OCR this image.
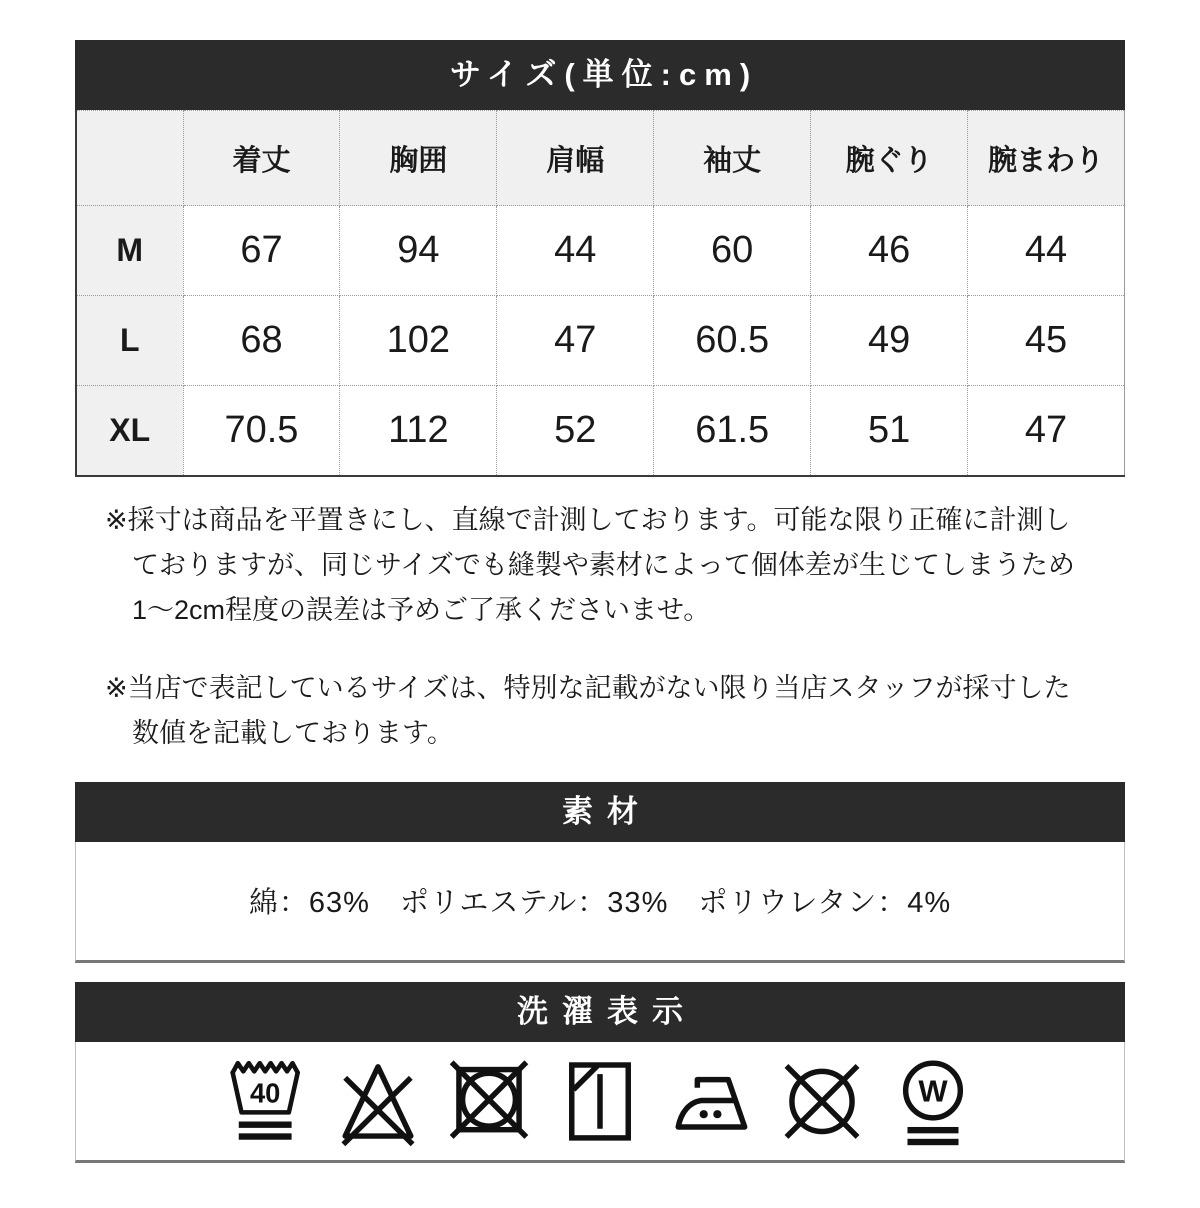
サイズ(単位:cm)
	着丈	胸囲	肩幅	袖丈	腕ぐり	腕まわり
M	67	94	44	60	46	44
L	68	102	47	60.5	49	45
XL	70.5	112	52	61.5	51	47

※採寸は商品を平置きにし、直線で計測しております。可能な限り正確に計測し
ておりますが、同じサイズでも縫製や素材によって個体差が生じてしまうため
1〜2cm程度の誤差は予めご了承くださいませ。

※当店で表記しているサイズは、特別な記載がない限り当店スタッフが採寸した
数値を記載しております。

素材
綿：63%　ポリエステル：33%　ポリウレタン：4%
洗濯表示
40	W
